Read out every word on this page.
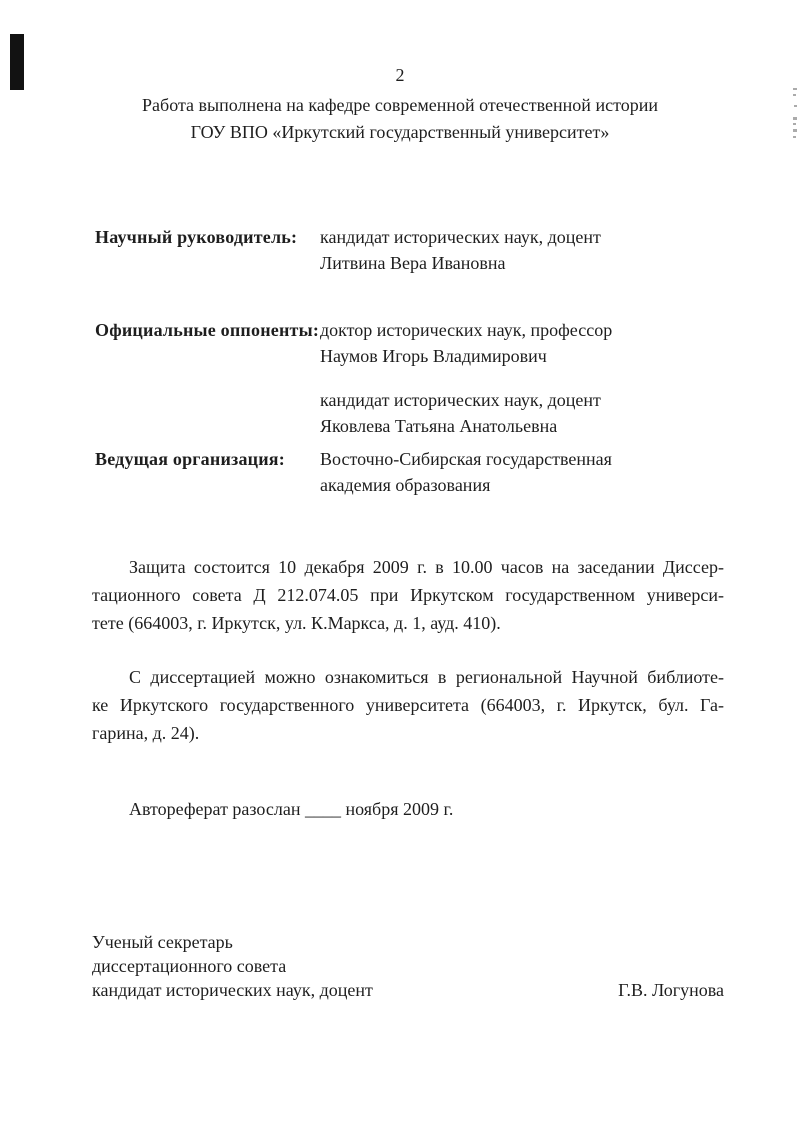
2
Работа выполнена на кафедре современной отечественной истории
ГОУ ВПО «Иркутский государственный университет»
Научный руководитель: кандидат исторических наук, доцент
Литвина Вера Ивановна
Официальные оппоненты: доктор исторических наук, профессор
Наумов Игорь Владимирович
кандидат исторических наук, доцент
Яковлева Татьяна Анатольевна
Ведущая организация: Восточно-Сибирская государственная
академия образования
Защита состоится 10 декабря 2009 г. в 10.00 часов на заседании Диссер-
тационного совета Д 212.074.05 при Иркутском государственном универси-
тете (664003, г. Иркутск, ул. К.Маркса, д. 1, ауд. 410).
С диссертацией можно ознакомиться в региональной Научной библиоте-
ке Иркутского государственного университета (664003, г. Иркутск, бул. Га-
гарина, д. 24).
Автореферат разослан ____ ноября 2009 г.
Ученый секретарь
диссертационного совета
кандидат исторических наук, доцент	Г.В. Логунова
